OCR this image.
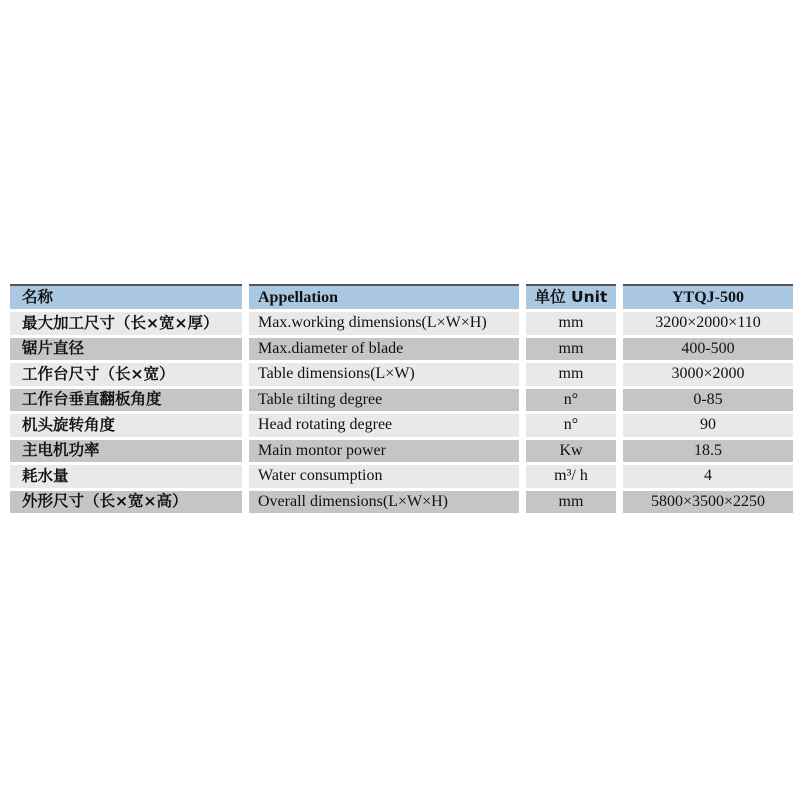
名称	Appellation	单位 Unit	YTQJ-500
最大加工尺寸（长×宽×厚）	Max.working dimensions(L×W×H)	mm	3200×2000×110
锯片直径	Max.diameter of blade	mm	400-500
工作台尺寸（长×宽）	Table dimensions(L×W)	mm	3000×2000
工作台垂直翻板角度	Table tilting degree	n°	0-85
机头旋转角度	Head rotating degree	n°	90
主电机功率	Main montor power	Kw	18.5
耗水量	Water consumption	m³/ h	4
外形尺寸（长×宽×高）	Overall dimensions(L×W×H)	mm	5800×3500×2250
